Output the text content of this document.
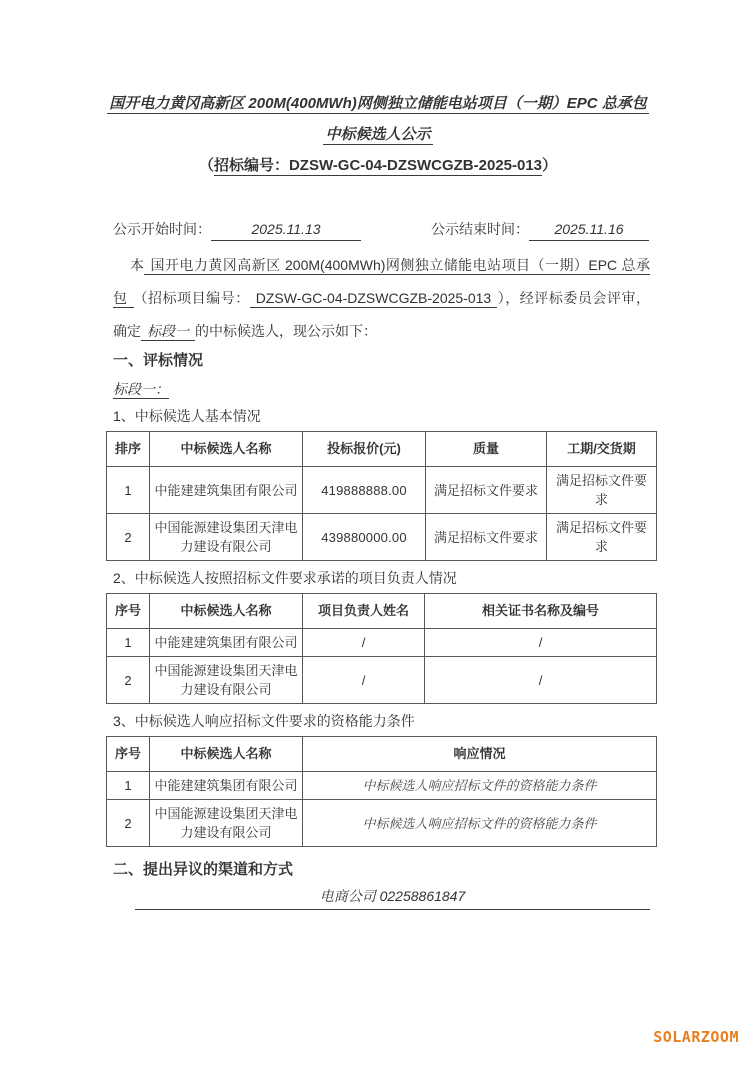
国开电力黄冈高新区 200M(400MWh)网侧独立储能电站项目（一期）EPC 总承包
中标候选人公示
（招标编号：DZSW-GC-04-DZSWCGZB-2025-013）
公示开始时间：	2025.11.13	公示结束时间：	2025.11.16

本 国开电力黄冈高新区 200M(400MWh)网侧独立储能电站项目（一期）EPC 总承包 （招标项目编号： DZSW-GC-04-DZSWCGZB-2025-013 ），经评标委员会评审，确定 标段一 的中标候选人，现公示如下：

一、评标情况
标段一：
1、中标候选人基本情况
排序	中标候选人名称	投标报价(元)	质量	工期/交货期
1	中能建建筑集团有限公司	419888888.00	满足招标文件要求	满足招标文件要求
2	中国能源建设集团天津电力建设有限公司	439880000.00	满足招标文件要求	满足招标文件要求
2、中标候选人按照招标文件要求承诺的项目负责人情况
序号	中标候选人名称	项目负责人姓名	相关证书名称及编号
1	中能建建筑集团有限公司	/	/
2	中国能源建设集团天津电力建设有限公司	/	/
3、中标候选人响应招标文件要求的资格能力条件
序号	中标候选人名称	响应情况
1	中能建建筑集团有限公司	中标候选人响应招标文件的资格能力条件
2	中国能源建设集团天津电力建设有限公司	中标候选人响应招标文件的资格能力条件
二、提出异议的渠道和方式
电商公司 02258861847
SOLARZOOM
